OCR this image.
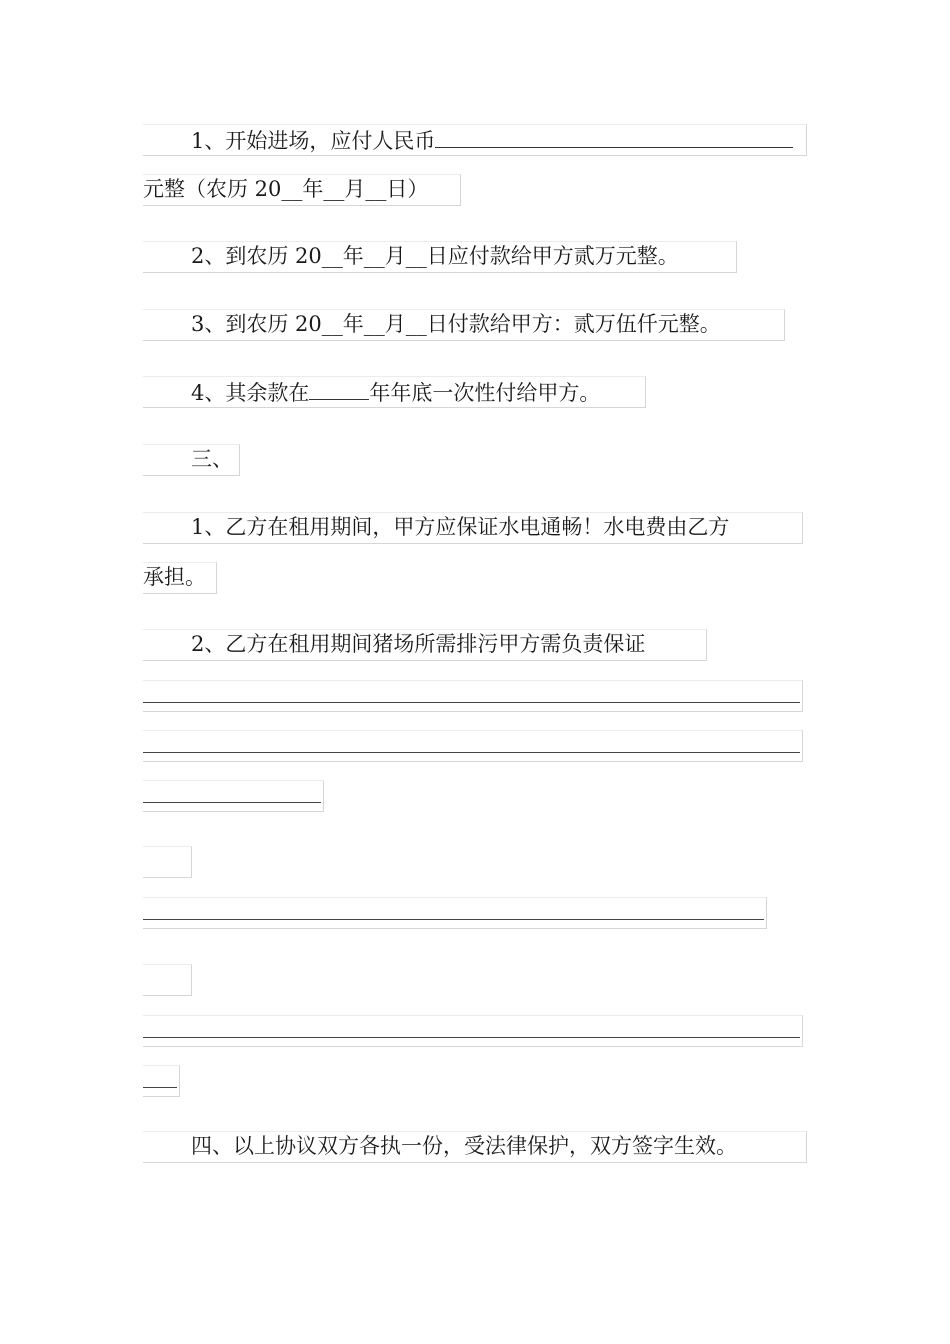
1、开始进场，应付人民币
元整（农历 20__年__月__日）
2、到农历 20__年__月__日应付款给甲方贰万元整。
3、到农历 20__年__月__日付款给甲方：贰万伍仟元整。
4、其余款在	年年底一次性付给甲方。
三、
1、乙方在租用期间，甲方应保证水电通畅！水电费由乙方
承担。
2、乙方在租用期间猪场所需排污甲方需负责保证
四、以上协议双方各执一份，受法律保护，双方签字生效。
